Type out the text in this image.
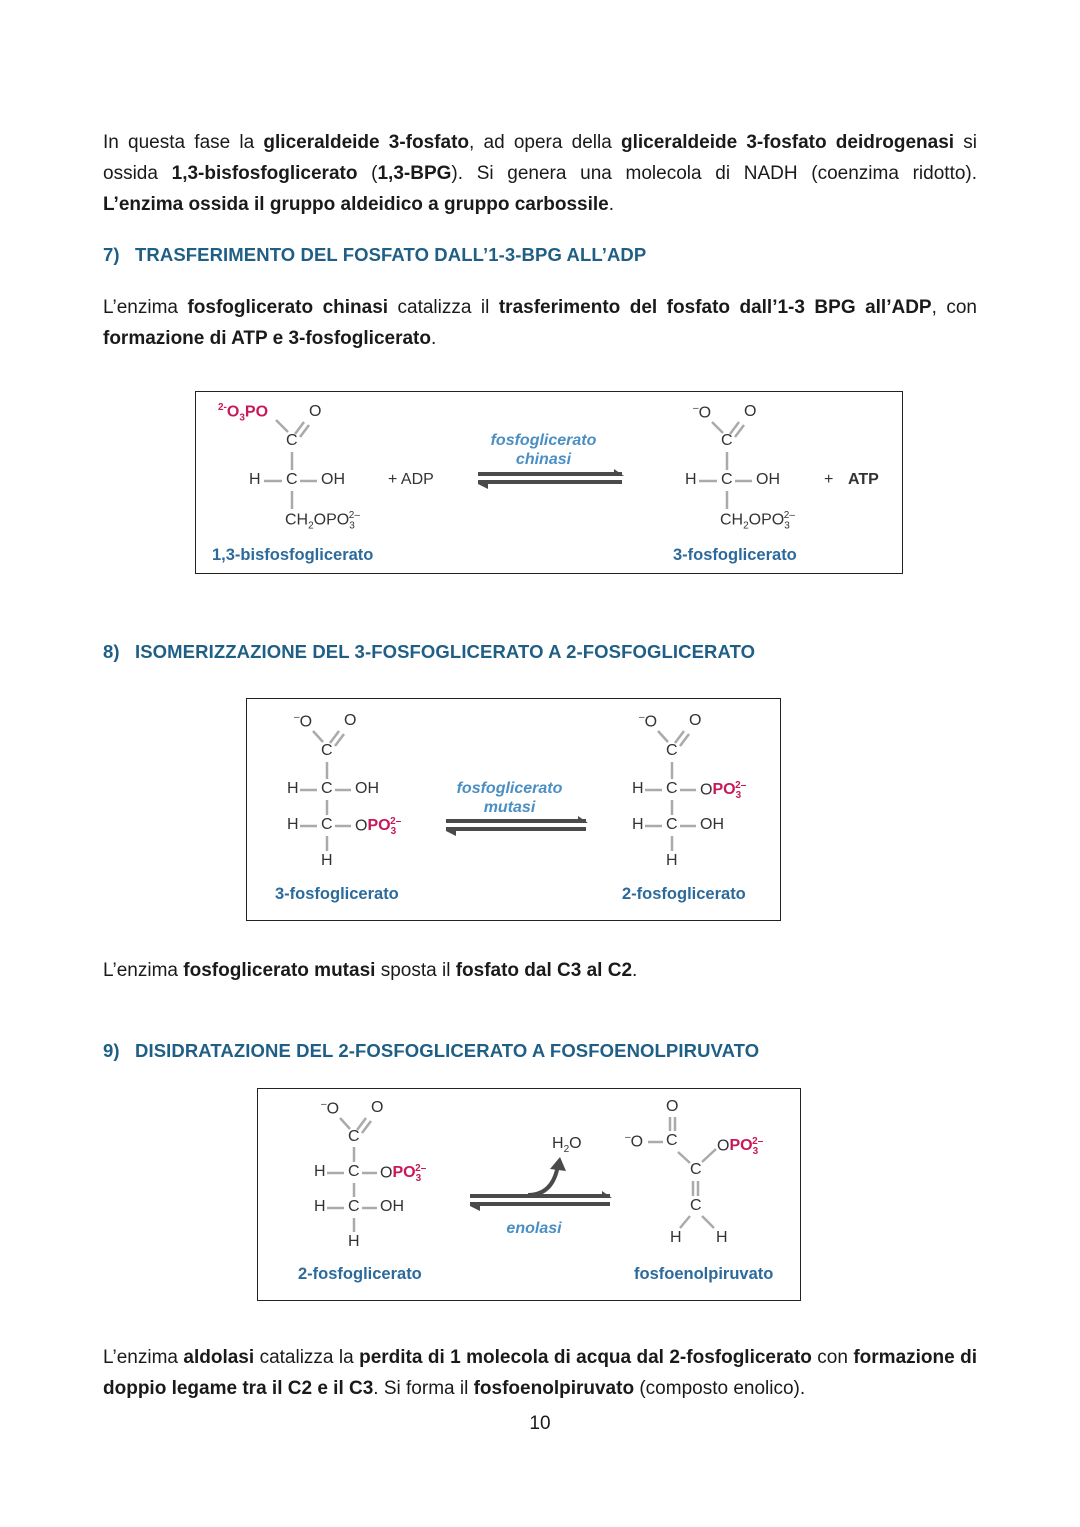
In questa fase la gliceraldeide 3-fosfato, ad opera della gliceraldeide 3-fosfato deidrogenasi si ossida 1,3-bisfosfoglicerato (1,3-BPG). Si genera una molecola di NADH (coenzima ridotto). L’enzima ossida il gruppo aldeidico a gruppo carbossile.

7) TRASFERIMENTO DEL FOSFATO DALL’1-3-BPG ALL’ADP

L’enzima fosfoglicerato chinasi catalizza il trasferimento del fosfato dall’1-3 BPG all’ADP, con formazione di ATP e 3-fosfoglicerato.

$^{2-}O_3PO$	O
C
H C OH
$CH_2OPO_3^{2-}$
+ ADP
fosfoglicerato
chinasi
–O O
C
H C OH
$CH_2OPO_3^{2-}$
+ ATP
1,3-bisfosfoglicerato	3-fosfoglicerato
8) ISOMERIZZAZIONE DEL 3-FOSFOGLICERATO A 2-FOSFOGLICERATO
–O O
C
H C OH
H C $OPO_3^{2-}$
H
fosfoglicerato
mutasi
–O O
C
H C $OPO_3^{2-}$
H C OH
H
3-fosfoglicerato	2-fosfoglicerato

L’enzima fosfoglicerato mutasi sposta il fosfato dal C3 al C2.

9) DISIDRATAZIONE DEL 2-FOSFOGLICERATO A FOSFOENOLPIRUVATO
–O O
C
H C $OPO_3^{2-}$
H C OH
H
$H_2O$
enolasi
O
–O C $OPO_3^{2-}$
C
C
H H
2-fosfoglicerato	fosfoenolpiruvato

L’enzima aldolasi catalizza la perdita di 1 molecola di acqua dal 2-fosfoglicerato con formazione di doppio legame tra il C2 e il C3. Si forma il fosfoenolpiruvato (composto enolico).

10
